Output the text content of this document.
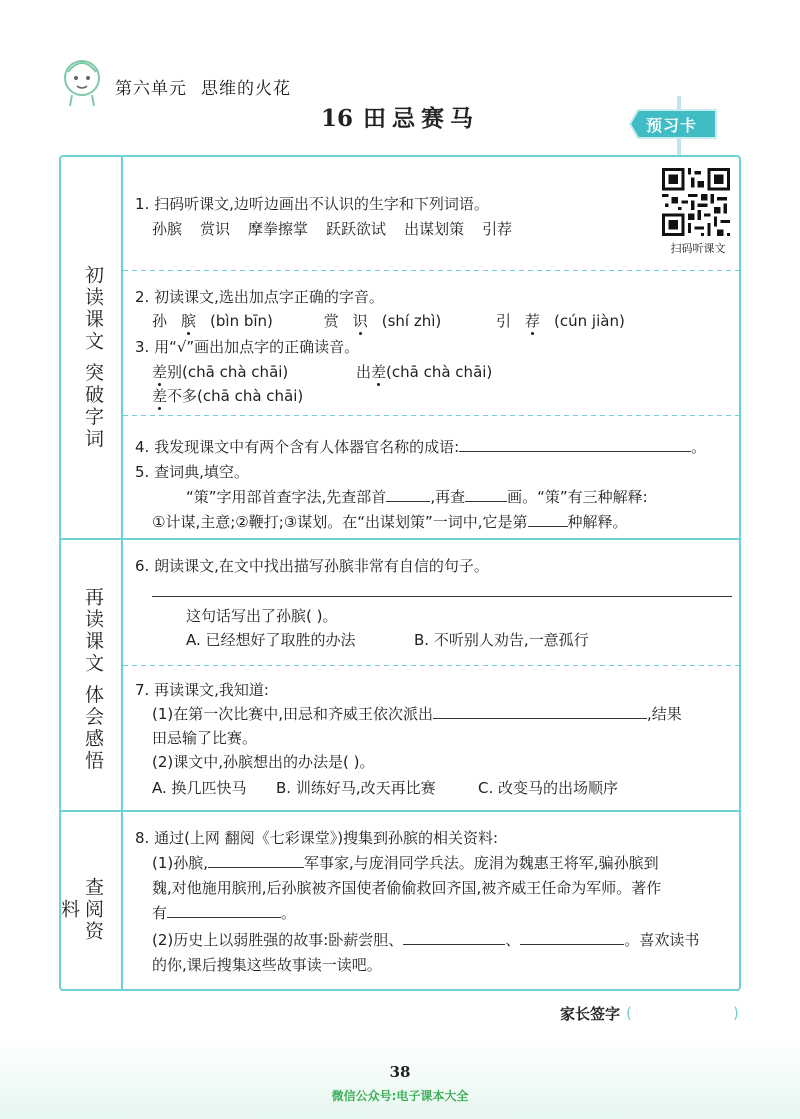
第六单元 思维的火花
16 田忌赛马	预习卡
初读课文 突破字词
再读课文 体会感悟
查阅资料
1. 扫码听课文,边听边画出不认识的生字和下列词语。
孙膑 赏识 摩拳擦掌 跃跃欲试 出谋划策 引荐
扫码听课文
2. 初读课文,选出加点字正确的字音。
孙 膑 (bìn bīn)	赏 识 (shí zhì)	引 荐 (cún jiàn)
3. 用“√”画出加点字的正确读音。
差别(chā chà chāi)	出差(chā chà chāi)
差不多(chā chà chāi)
4. 我发现课文中有两个含有人体器官名称的成语:	。
5. 查词典,填空。
“策”字用部首查字法,先查部首	,再查	画。“策”有三种解释:
①计谋,主意;②鞭打;③谋划。在“出谋划策”一词中,它是第	种解释。
6. 朗读课文,在文中找出描写孙膑非常有自信的句子。
这句话写出了孙膑( )。
A. 已经想好了取胜的办法	B. 不听别人劝告,一意孤行
7. 再读课文,我知道:
(1)在第一次比赛中,田忌和齐威王依次派出	,结果
田忌输了比赛。
(2)课文中,孙膑想出的办法是( )。
A. 换几匹快马 B. 训练好马,改天再比赛	C. 改变马的出场顺序
8. 通过(上网 翻阅《七彩课堂》)搜集到孙膑的相关资料:
(1)孙膑,	军事家,与庞涓同学兵法。庞涓为魏惠王将军,骗孙膑到
魏,对他施用膑刑,后孙膑被齐国使者偷偷救回齐国,被齐威王任命为军师。著作
有	。
(2)历史上以弱胜强的故事:卧薪尝胆、	、	。喜欢读书
的你,课后搜集这些故事读一读吧。
家长签字 (	)
38
微信公众号:电子课本大全
